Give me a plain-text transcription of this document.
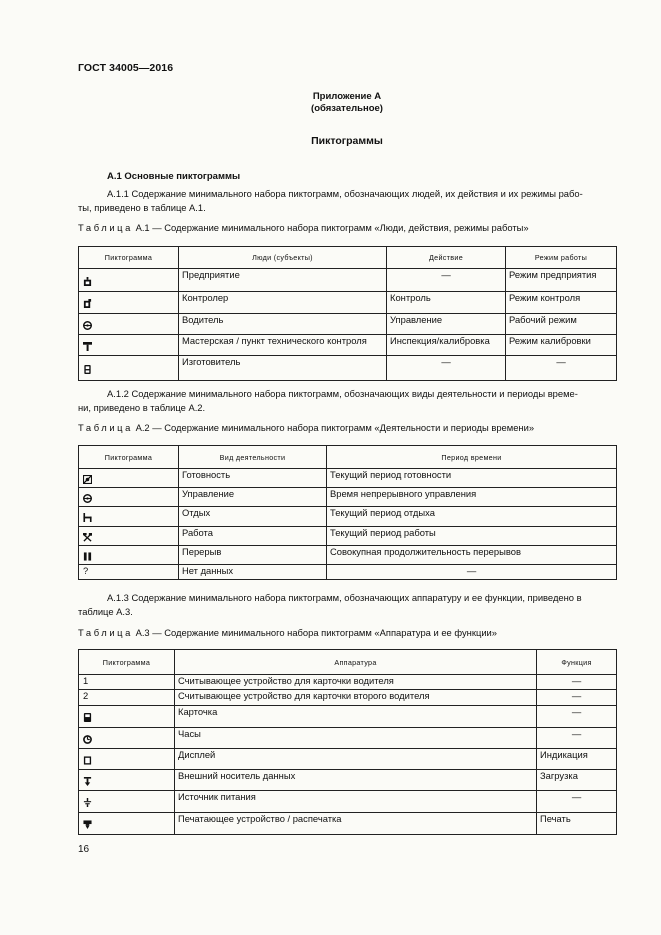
ГОСТ 34005—2016
Приложение А
(обязательное)
Пиктограммы
А.1 Основные пиктограммы
А.1.1 Содержание минимального набора пиктограмм, обозначающих людей, их действия и их режимы рабо-
ты, приведено в таблице А.1.
Таблица А.1 — Содержание минимального набора пиктограмм «Люди, действия, режимы работы»
Пиктограмма	Люди (субъекты)	Действие	Режим работы
	Предприятие	—	Режим предприятия
	Контролер	Контроль	Режим контроля
	Водитель	Управление	Рабочий режим
	Мастерская / пункт технического контроля	Инспекция/калибровка	Режим калибровки
	Изготовитель	—	—
А.1.2 Содержание минимального набора пиктограмм, обозначающих виды деятельности и периоды време-
ни, приведено в таблице А.2.
Таблица А.2 — Содержание минимального набора пиктограмм «Деятельности и периоды времени»
Пиктограмма	Вид деятельности	Период времени
	Готовность	Текущий период готовности
	Управление	Время непрерывного управления
	Отдых	Текущий период отдыха
	Работа	Текущий период работы
	Перерыв	Совокупная продолжительность перерывов
?	Нет данных	—
А.1.3 Содержание минимального набора пиктограмм, обозначающих аппаратуру и ее функции, приведено в
таблице А.3.
Таблица А.3 — Содержание минимального набора пиктограмм «Аппаратура и ее функции»
Пиктограмма	Аппаратура	Функция
1	Считывающее устройство для карточки водителя	—
2	Считывающее устройство для карточки второго водителя	—
	Карточка	—
	Часы	—
	Дисплей	Индикация
	Внешний носитель данных	Загрузка
	Источник питания	—
	Печатающее устройство / распечатка	Печать
16
